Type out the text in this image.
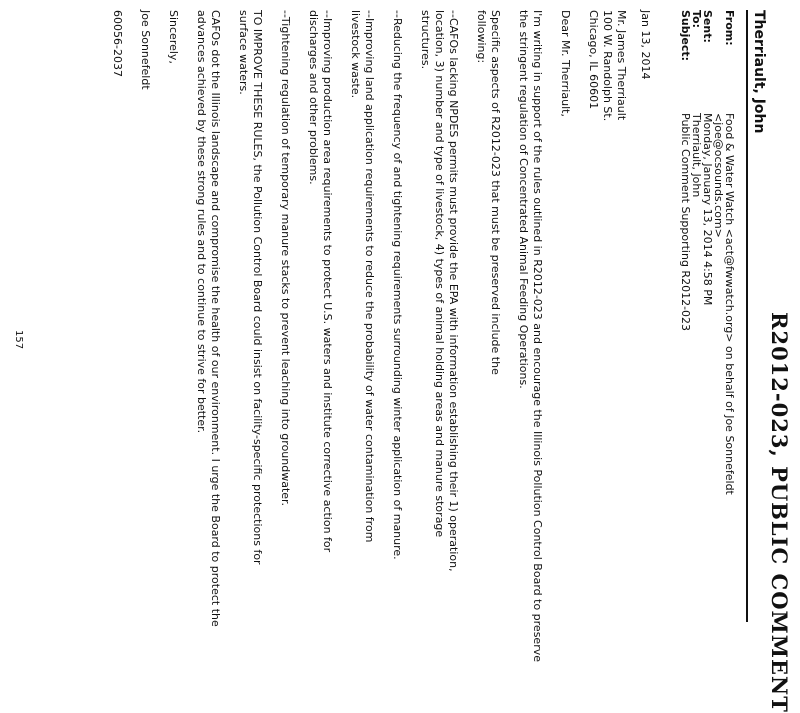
R2012-023, PUBLIC COMMENT
Therriault, John
From:
Food & Water Watch <act@fwwatch.org> on behalf of Joe Sonnefeldt
<joe@ocsounds.com>
Sent:
Monday, January 13, 2014 4:58 PM
To:
Therriault, John
Subject:
Public Comment Supporting R2012-023

Jan 13, 2014

Mr. James Therriault

100 W. Randolph St.

Chicago, IL 60601

Dear Mr. Therriault,

I'm writing in support of the rules outlined in R2012-023 and encourage the Illinois Pollution Control Board to preserve

the stringent regulation of Concentrated Animal Feeding Operations.

Specific aspects of R2012-023 that must be preserved include the

following:

--CAFOs lacking NPDES permits must provide the EPA with information establishing their 1) operation,

location, 3) number and type of livestock, 4) types of animal holding areas and manure storage

structures.

--Reducing the frequency of and tightening requirements surrounding winter application of manure.

--Improving land application requirements to reduce the probability of water contamination from

livestock waste.

--Improving production area requirements to protect U.S. waters and institute corrective action for

discharges and other problems.

--Tightening regulation of temporary manure stacks to prevent leaching into groundwater.

TO IMPROVE THESE RULES, the Pollution Control Board could insist on facility-specific protections for

surface waters.

CAFOs dot the Illinois landscape and compromise the health of our environment. I urge the Board to protect the

advances achieved by these strong rules and to continue to strive for better.

Sincerely,

Joe Sonnefeldt

60056-2037

157
